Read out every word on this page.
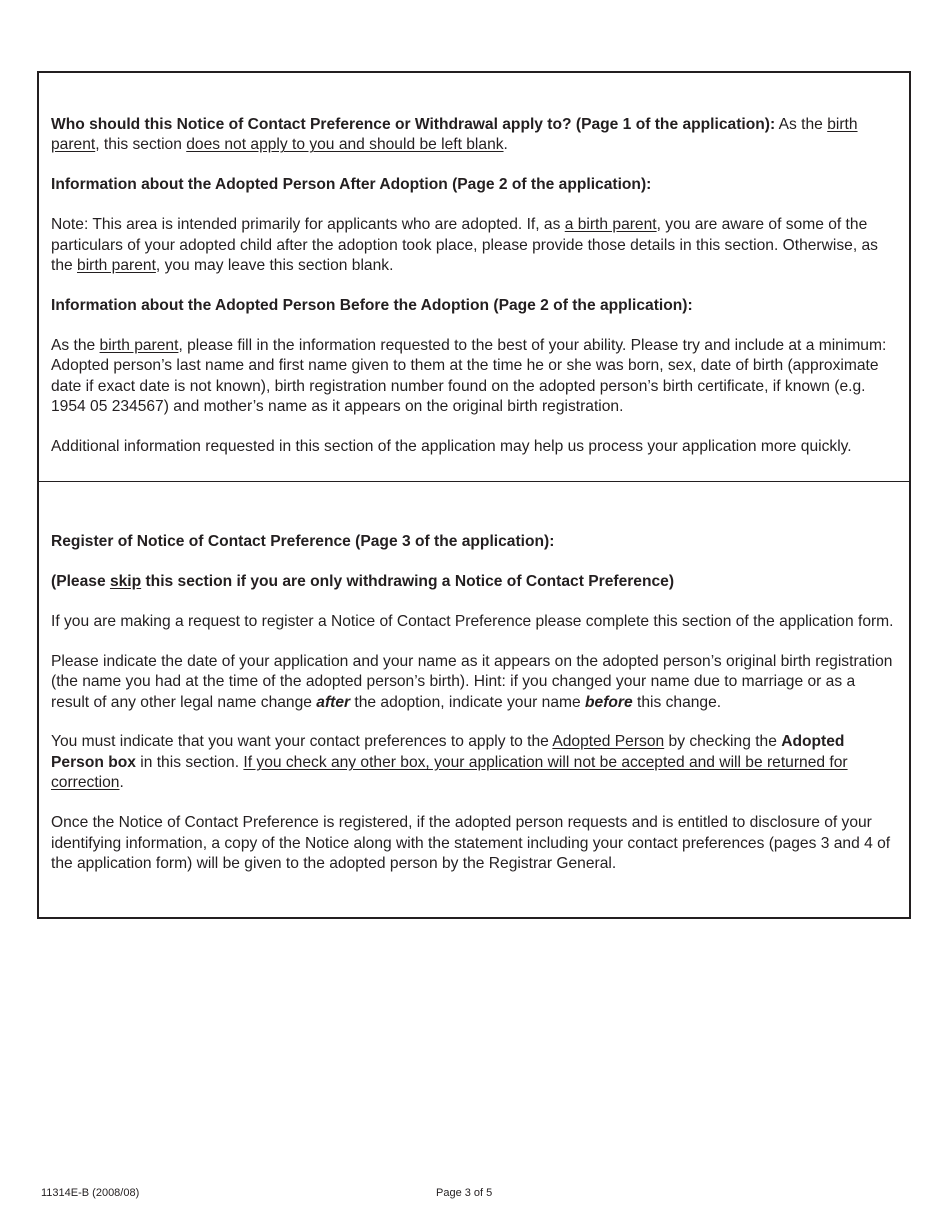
Who should this Notice of Contact Preference or Withdrawal apply to? (Page 1 of the application): As the birth parent, this section does not apply to you and should be left blank.

Information about the Adopted Person After Adoption (Page 2 of the application):

Note: This area is intended primarily for applicants who are adopted. If, as a birth parent, you are aware of some of the particulars of your adopted child after the adoption took place, please provide those details in this section. Otherwise, as the birth parent, you may leave this section blank.

Information about the Adopted Person Before the Adoption (Page 2 of the application):

As the birth parent, please fill in the information requested to the best of your ability. Please try and include at a minimum: Adopted person’s last name and first name given to them at the time he or she was born, sex, date of birth (approximate date if exact date is not known), birth registration number found on the adopted person’s birth certificate, if known (e.g. 1954 05 234567) and mother’s name as it appears on the original birth registration.

Additional information requested in this section of the application may help us process your application more quickly.

Register of Notice of Contact Preference (Page 3 of the application):

(Please skip this section if you are only withdrawing a Notice of Contact Preference)

If you are making a request to register a Notice of Contact Preference please complete this section of the application form.

Please indicate the date of your application and your name as it appears on the adopted person’s original birth registration (the name you had at the time of the adopted person’s birth). Hint: if you changed your name due to marriage or as a result of any other legal name change after the adoption, indicate your name before this change.

You must indicate that you want your contact preferences to apply to the Adopted Person by checking the Adopted Person box in this section. If you check any other box, your application will not be accepted and will be returned for correction.

Once the Notice of Contact Preference is registered, if the adopted person requests and is entitled to disclosure of your identifying information, a copy of the Notice along with the statement including your contact preferences (pages 3 and 4 of the application form) will be given to the adopted person by the Registrar General.

11314E-B (2008/08)	Page 3 of 5
